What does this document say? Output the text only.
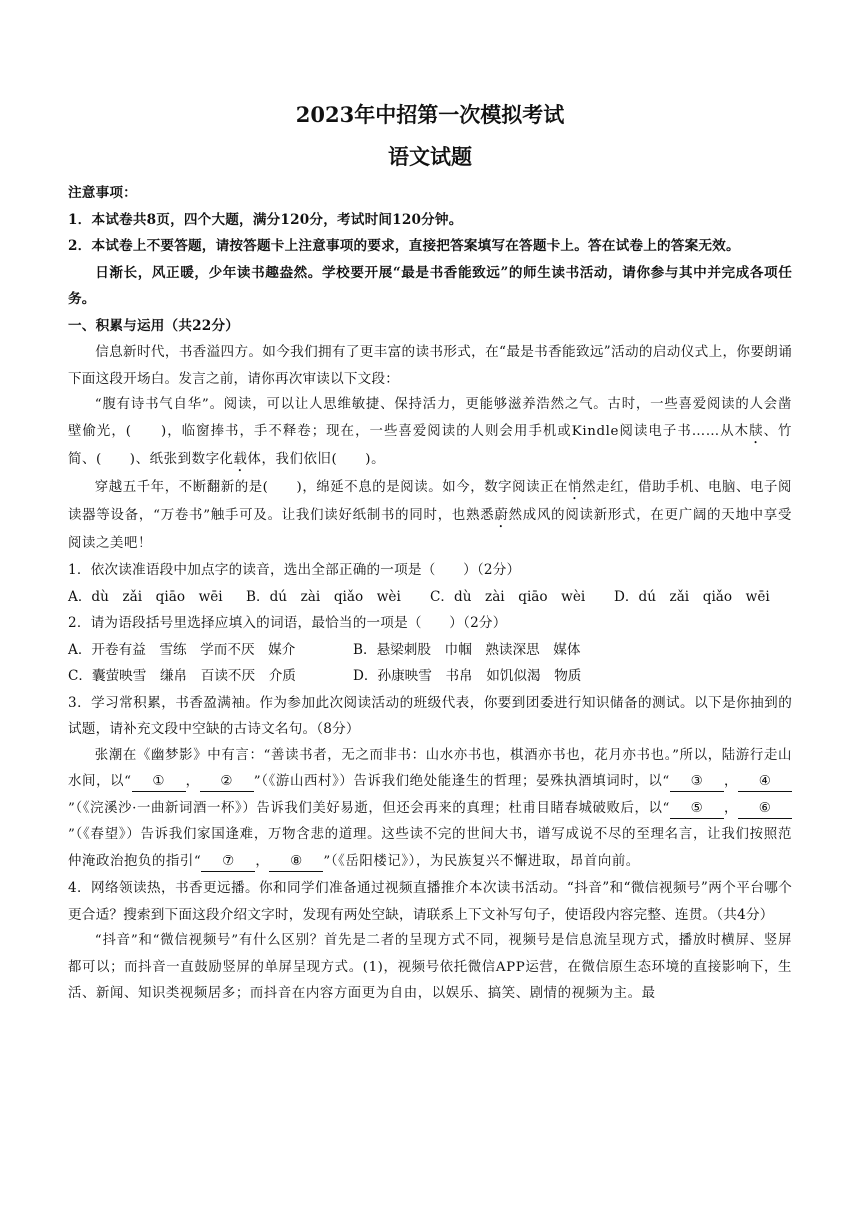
2023年中招第一次模拟考试
语文试题

注意事项：

1．本试卷共8页，四个大题，满分120分，考试时间120分钟。

2．本试卷上不要答题，请按答题卡上注意事项的要求，直接把答案填写在答题卡上。答在试卷上的答案无效。

日渐长，风正暖，少年读书趣盎然。学校要开展“最是书香能致远”的师生读书活动，请你参与其中并完成各项任务。

一、积累与运用（共22分）

信息新时代，书香溢四方。如今我们拥有了更丰富的读书形式，在“最是书香能致远”活动的启动仪式上，你要朗诵下面这段开场白。发言之前，请你再次审读以下文段：

“腹有诗书气自华”。阅读，可以让人思维敏捷、保持活力，更能够滋养浩然之气。古时，一些喜爱阅读的人会凿壁偷光，(　　)，临窗捧书，手不释卷；现在，一些喜爱阅读的人则会用手机或Kindle阅读电子书……从木牍、竹简、(　　)、纸张到数字化载体，我们依旧(　　)。

穿越五千年，不断翻新的是(　　)，绵延不息的是阅读。如今，数字阅读正在悄然走红，借助手机、电脑、电子阅读器等设备，“万卷书”触手可及。让我们读好纸制书的同时，也熟悉蔚然成风的阅读新形式，在更广阔的天地中享受阅读之美吧！

1．依次读准语段中加点字的读音，选出全部正确的一项是（　　）（2分）

A．dù　zǎi　qiāo　wēi	B．dú　zài　qiǎo　wèi	C．dù　zài　qiāo　wèi	D．dú　zǎi　qiǎo　wēi

2．请为语段括号里选择应填入的词语，最恰当的一项是（　　）（2分）

A．开卷有益　雪练　学而不厌　媒介	B．悬梁刺股　巾帼　熟读深思　媒体
C．囊萤映雪　缣帛　百读不厌　介质	D．孙康映雪　书帛　如饥似渴　物质

3．学习常积累，书香盈满袖。作为参加此次阅读活动的班级代表，你要到团委进行知识储备的测试。以下是你抽到的试题，请补充文段中空缺的古诗文名句。（8分）

张潮在《幽梦影》中有言：“善读书者，无之而非书：山水亦书也，棋酒亦书也，花月亦书也。”所以，陆游行走山水间，以“ ① ， ② ”（《游山西村》）告诉我们绝处能逢生的哲理；晏殊执酒填词时，以“ ③ ， ④”（《浣溪沙·一曲新词酒一杯》）告诉我们美好易逝，但还会再来的真理；杜甫目睹春城破败后，以“ ⑤ ， ⑥”（《春望》）告诉我们家国逢难，万物含悲的道理。这些读不完的世间大书，谱写成说不尽的至理名言，让我们按照范仲淹政治抱负的指引“ ⑦ ， ⑧ ”（《岳阳楼记》），为民族复兴不懈进取，昂首向前。

4．网络领读热，书香更远播。你和同学们准备通过视频直播推介本次读书活动。“抖音”和“微信视频号”两个平台哪个更合适？搜索到下面这段介绍文字时，发现有两处空缺，请联系上下文补写句子，使语段内容完整、连贯。（共4分）

“抖音”和“微信视频号”有什么区别？首先是二者的呈现方式不同，视频号是信息流呈现方式，播放时横屏、竖屏都可以；而抖音一直鼓励竖屏的单屏呈现方式。(1)，视频号依托微信APP运营，在微信原生态环境的直接影响下，生活、新闻、知识类视频居多；而抖音在内容方面更为自由，以娱乐、搞笑、剧情的视频为主。最
